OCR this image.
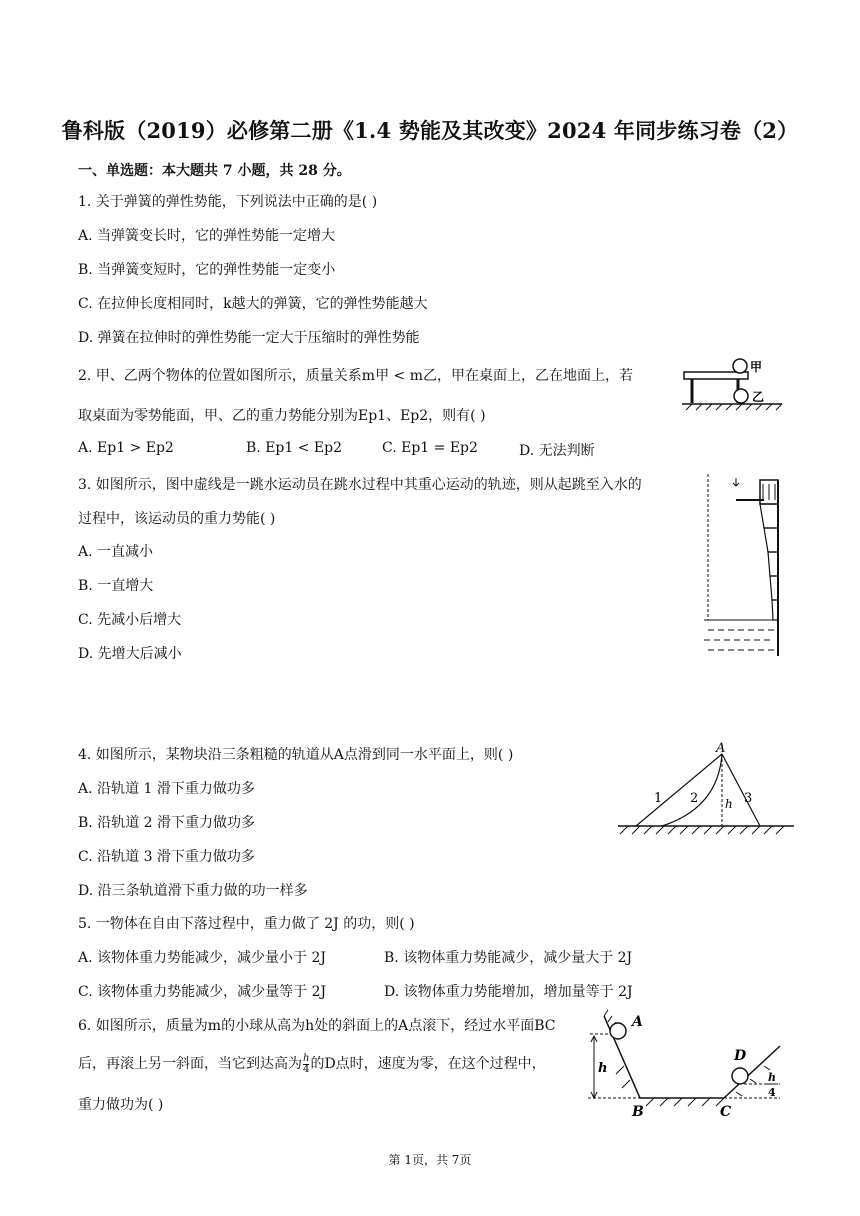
鲁科版（2019）必修第二册《1.4 势能及其改变》2024 年同步练习卷（2）
一、单选题：本大题共 7 小题，共 28 分。
1. 关于弹簧的弹性势能，下列说法中正确的是( )
A. 当弹簧变长时，它的弹性势能一定增大
B. 当弹簧变短时，它的弹性势能一定变小
C. 在拉伸长度相同时，k越大的弹簧，它的弹性势能越大
D. 弹簧在拉伸时的弹性势能一定大于压缩时的弹性势能
2. 甲、乙两个物体的位置如图所示，质量关系m甲 < m乙，甲在桌面上，乙在地面上，若
取桌面为零势能面，甲、乙的重力势能分别为Ep1、Ep2，则有( )
A. Ep1 > Ep2	B. Ep1 < Ep2	C. Ep1 = Ep2	D. 无法判断
甲
乙
3. 如图所示，图中虚线是一跳水运动员在跳水过程中其重心运动的轨迹，则从起跳至入水的
过程中，该运动员的重力势能( )
A. 一直减小
B. 一直增大
C. 先减小后增大
D. 先增大后减小
4. 如图所示，某物块沿三条粗糙的轨道从A点滑到同一水平面上，则( )
A. 沿轨道 1 滑下重力做功多
B. 沿轨道 2 滑下重力做功多
C. 沿轨道 3 滑下重力做功多
D. 沿三条轨道滑下重力做的功一样多
A
1 2	3
h
5. 一物体在自由下落过程中，重力做了 2J 的功，则( )
A. 该物体重力势能减少，减少量小于 2J	B. 该物体重力势能减少，减少量大于 2J
C. 该物体重力势能减少，减少量等于 2J	D. 该物体重力势能增加，增加量等于 2J
6. 如图所示，质量为m的小球从高为h处的斜面上的A点滚下，经过水平面BC
后，再滚上另一斜面，当它到达高为 $\frac{h}{4}$ 的D点时，速度为零，在这个过程中，
重力做功为( )
A
B	C
D
h
h
4
第 1页，共 7页
